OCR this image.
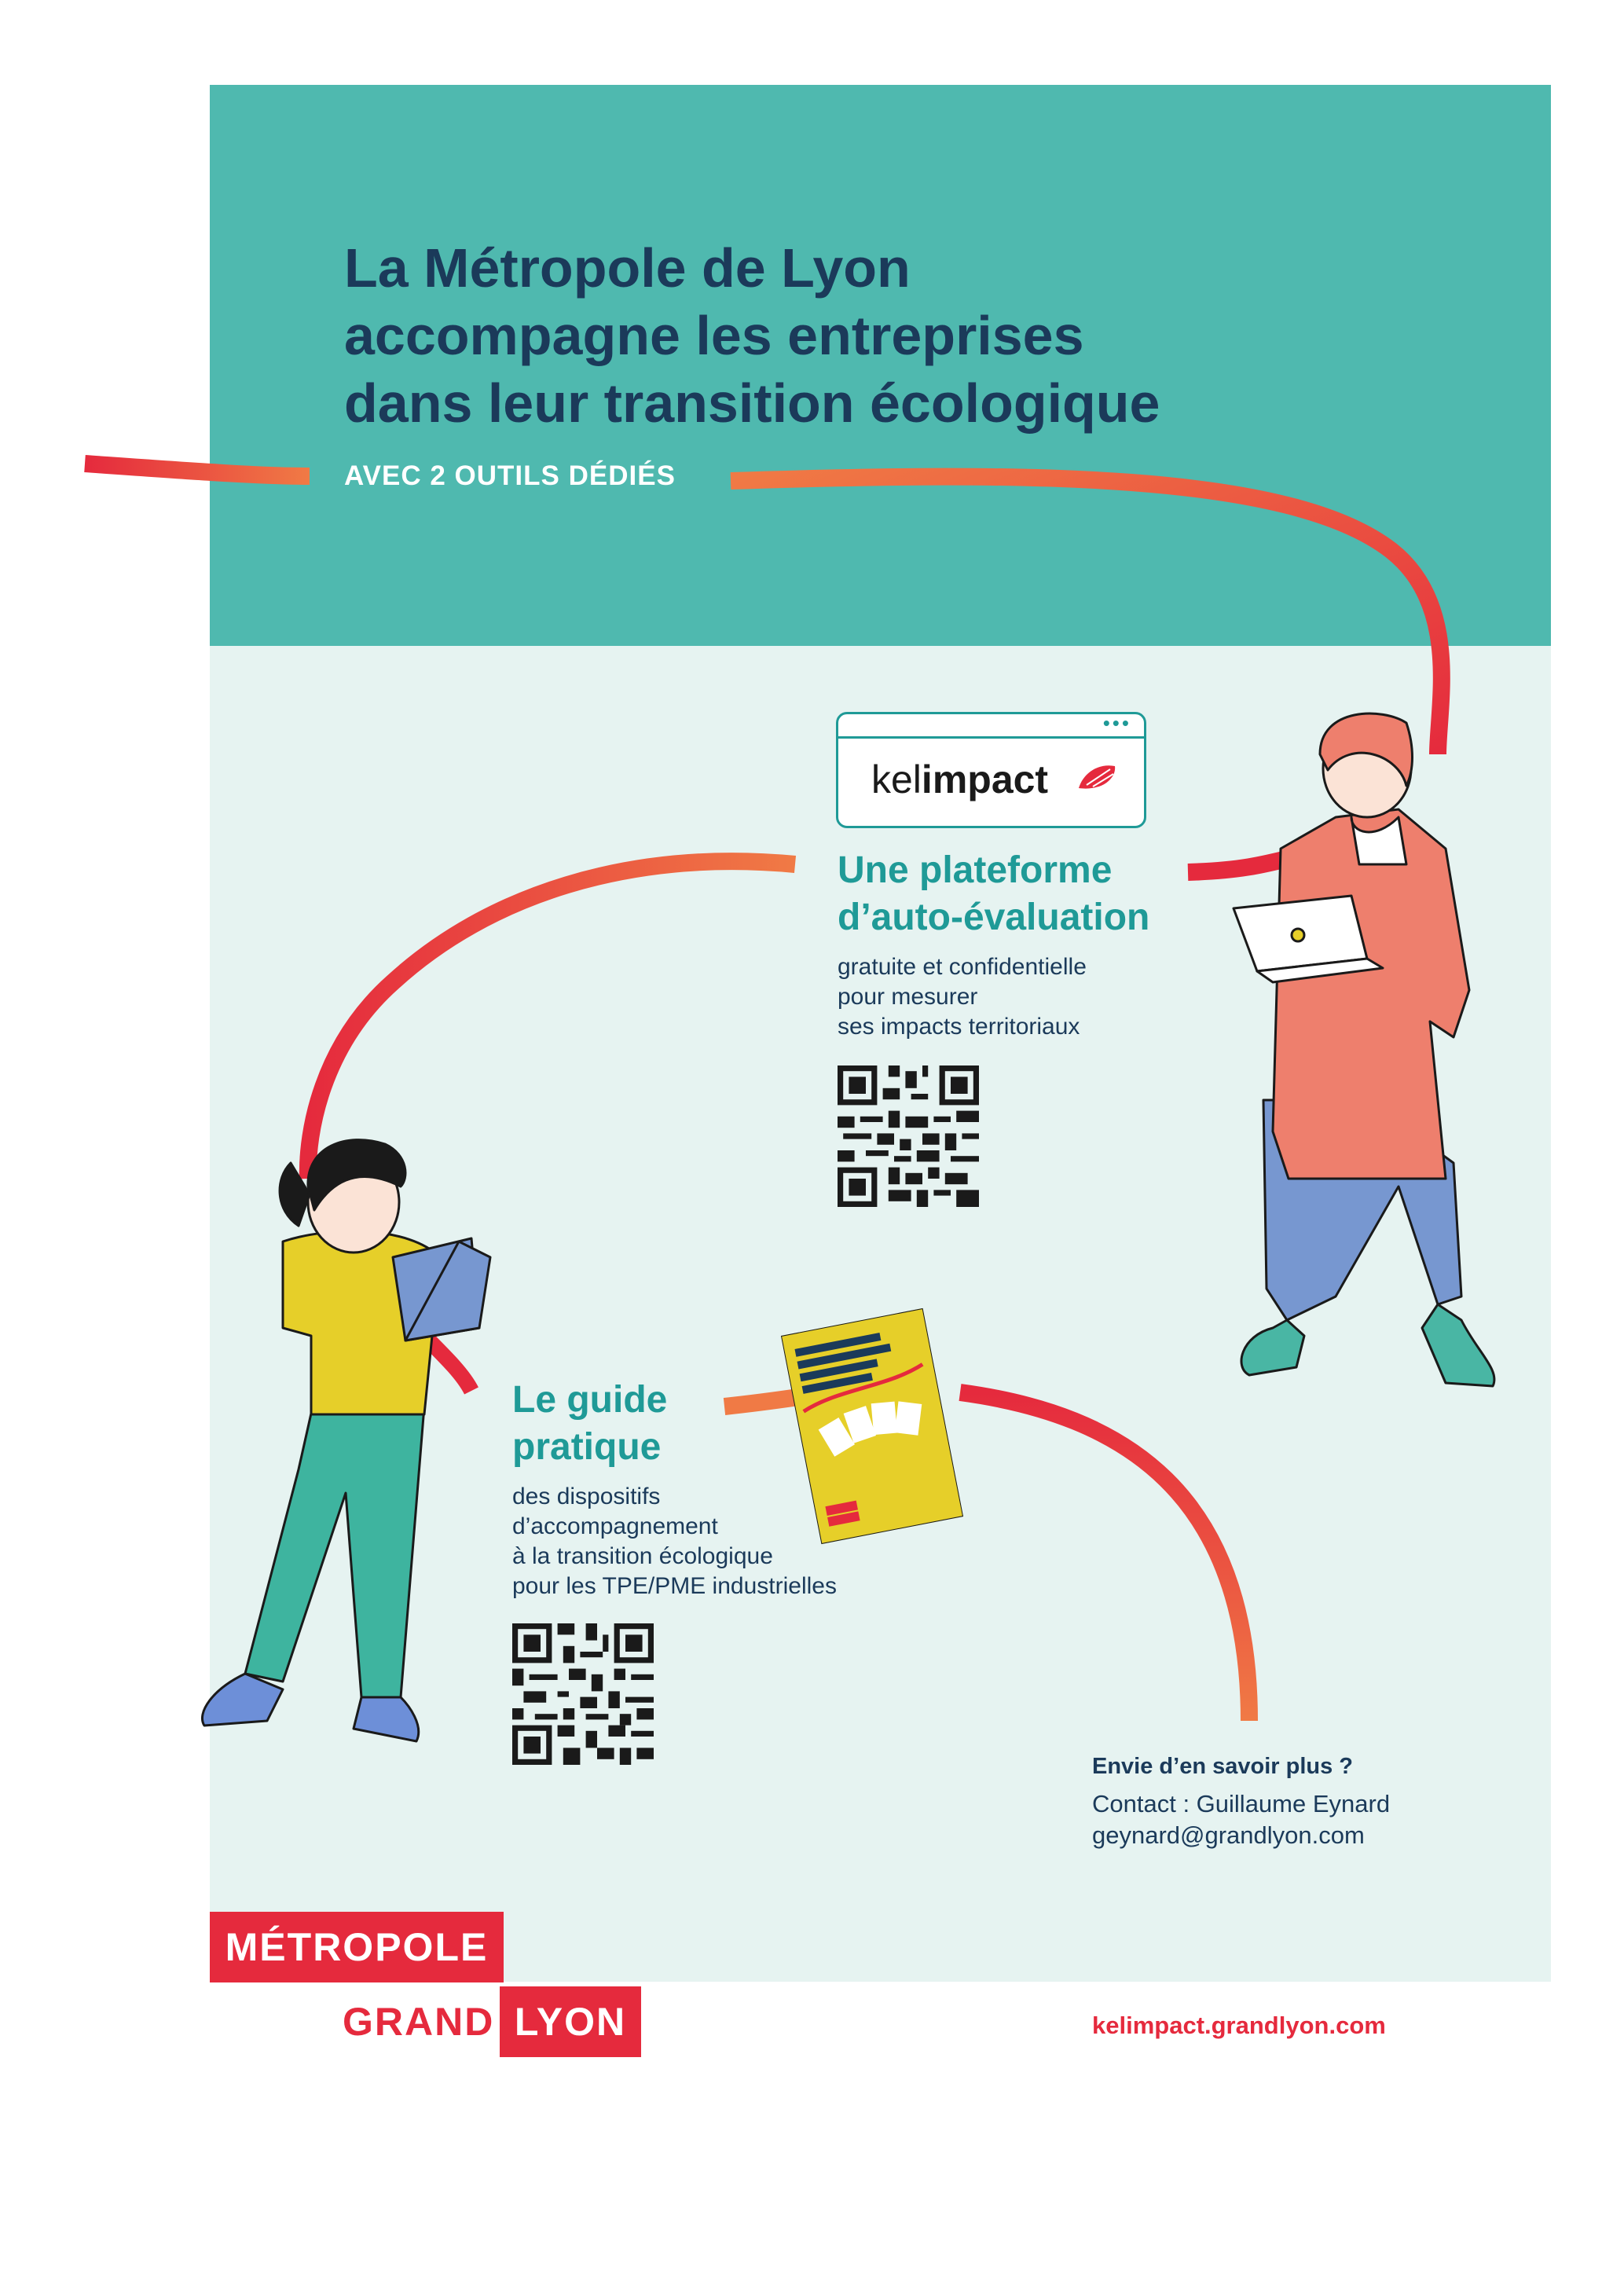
La Métropole de Lyon
accompagne les entreprises
dans leur transition écologique
AVEC 2 OUTILS DÉDIÉS
•••
kelimpact
Une plateforme
d’auto-évaluation
gratuite et confidentielle
pour mesurer
ses impacts territoriaux
Le guide
pratique
des dispositifs
d’accompagnement
à la transition écologique
pour les TPE/PME industrielles
Envie d’en savoir plus ?
Contact : Guillaume Eynard
geynard@grandlyon.com
MÉTROPOLE
GRAND LYON	kelimpact.grandlyon.com
